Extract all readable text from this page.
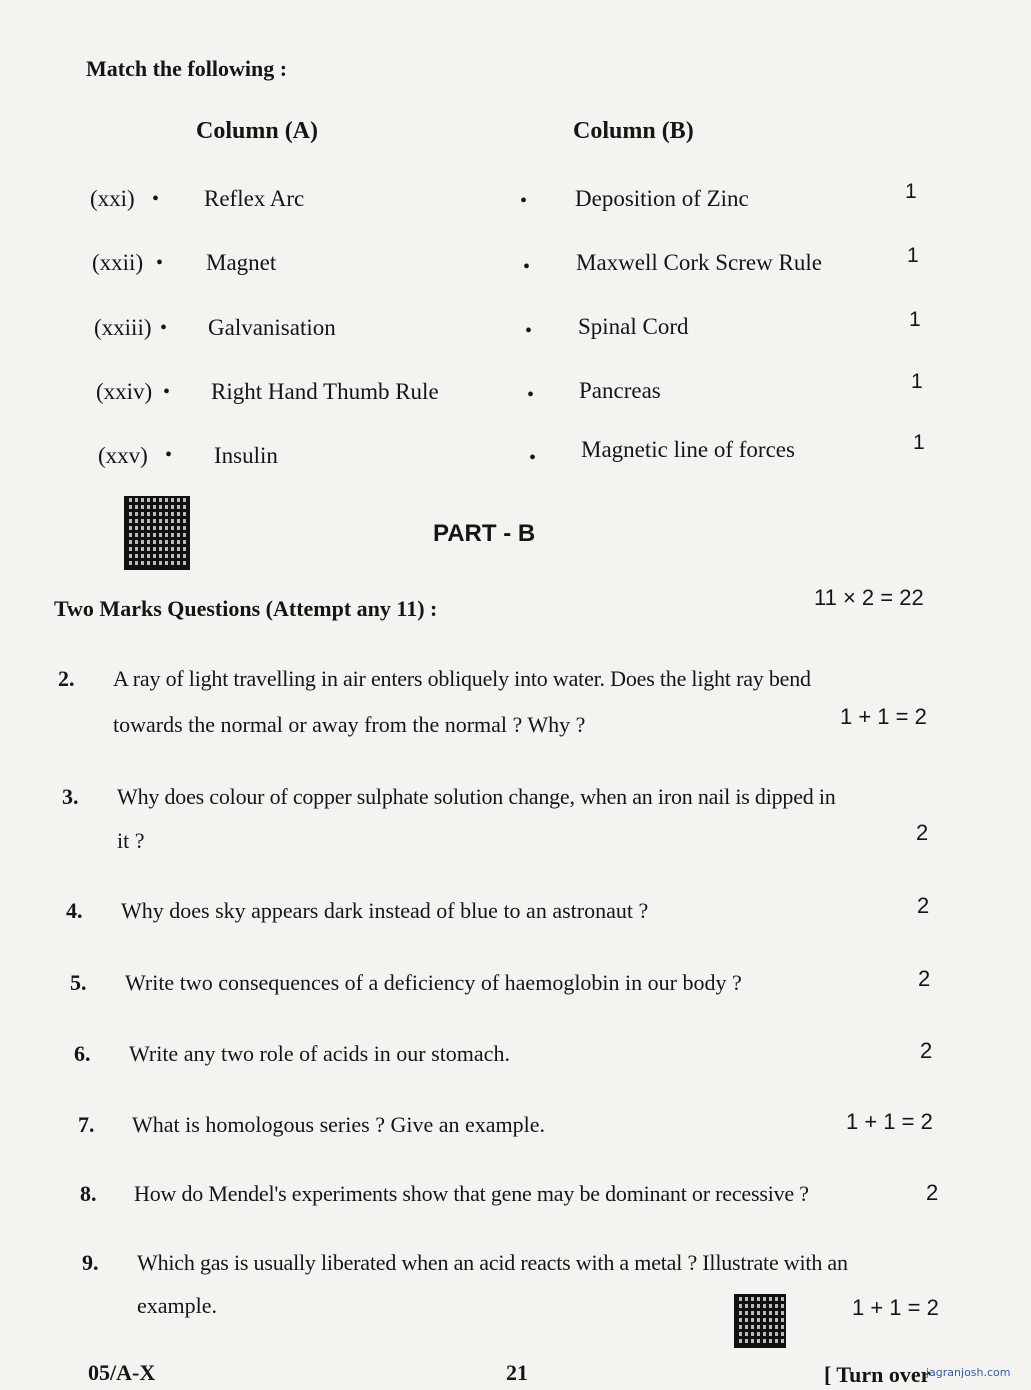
Match the following :
Column (A)	Column (B)
(xxi) • Reflex Arc	• Deposition of Zinc	1
(xxii) • Magnet	• Maxwell Cork Screw Rule	1
(xxiii) • Galvanisation	• Spinal Cord	1
(xxiv) • Right Hand Thumb Rule	• Pancreas	1
(xxv) • Insulin	• Magnetic line of forces	1
PART - B
Two Marks Questions (Attempt any 11) :	11 × 2 = 22
2. A ray of light travelling in air enters obliquely into water. Does the light ray bend
towards the normal or away from the normal ? Why ?	1 + 1 = 2
3. Why does colour of copper sulphate solution change, when an iron nail is dipped in
it ?	2
4. Why does sky appears dark instead of blue to an astronaut ?	2
5. Write two consequences of a deficiency of haemoglobin in our body ?	2
6. Write any two role of acids in our stomach.	2
7. What is homologous series ? Give an example.	1 + 1 = 2
8. How do Mendel's experiments show that gene may be dominant or recessive ?	2
9. Which gas is usually liberated when an acid reacts with a metal ? Illustrate with an
example.	1 + 1 = 2
05/A-X	21	[ Turn over
jagranjosh.com
